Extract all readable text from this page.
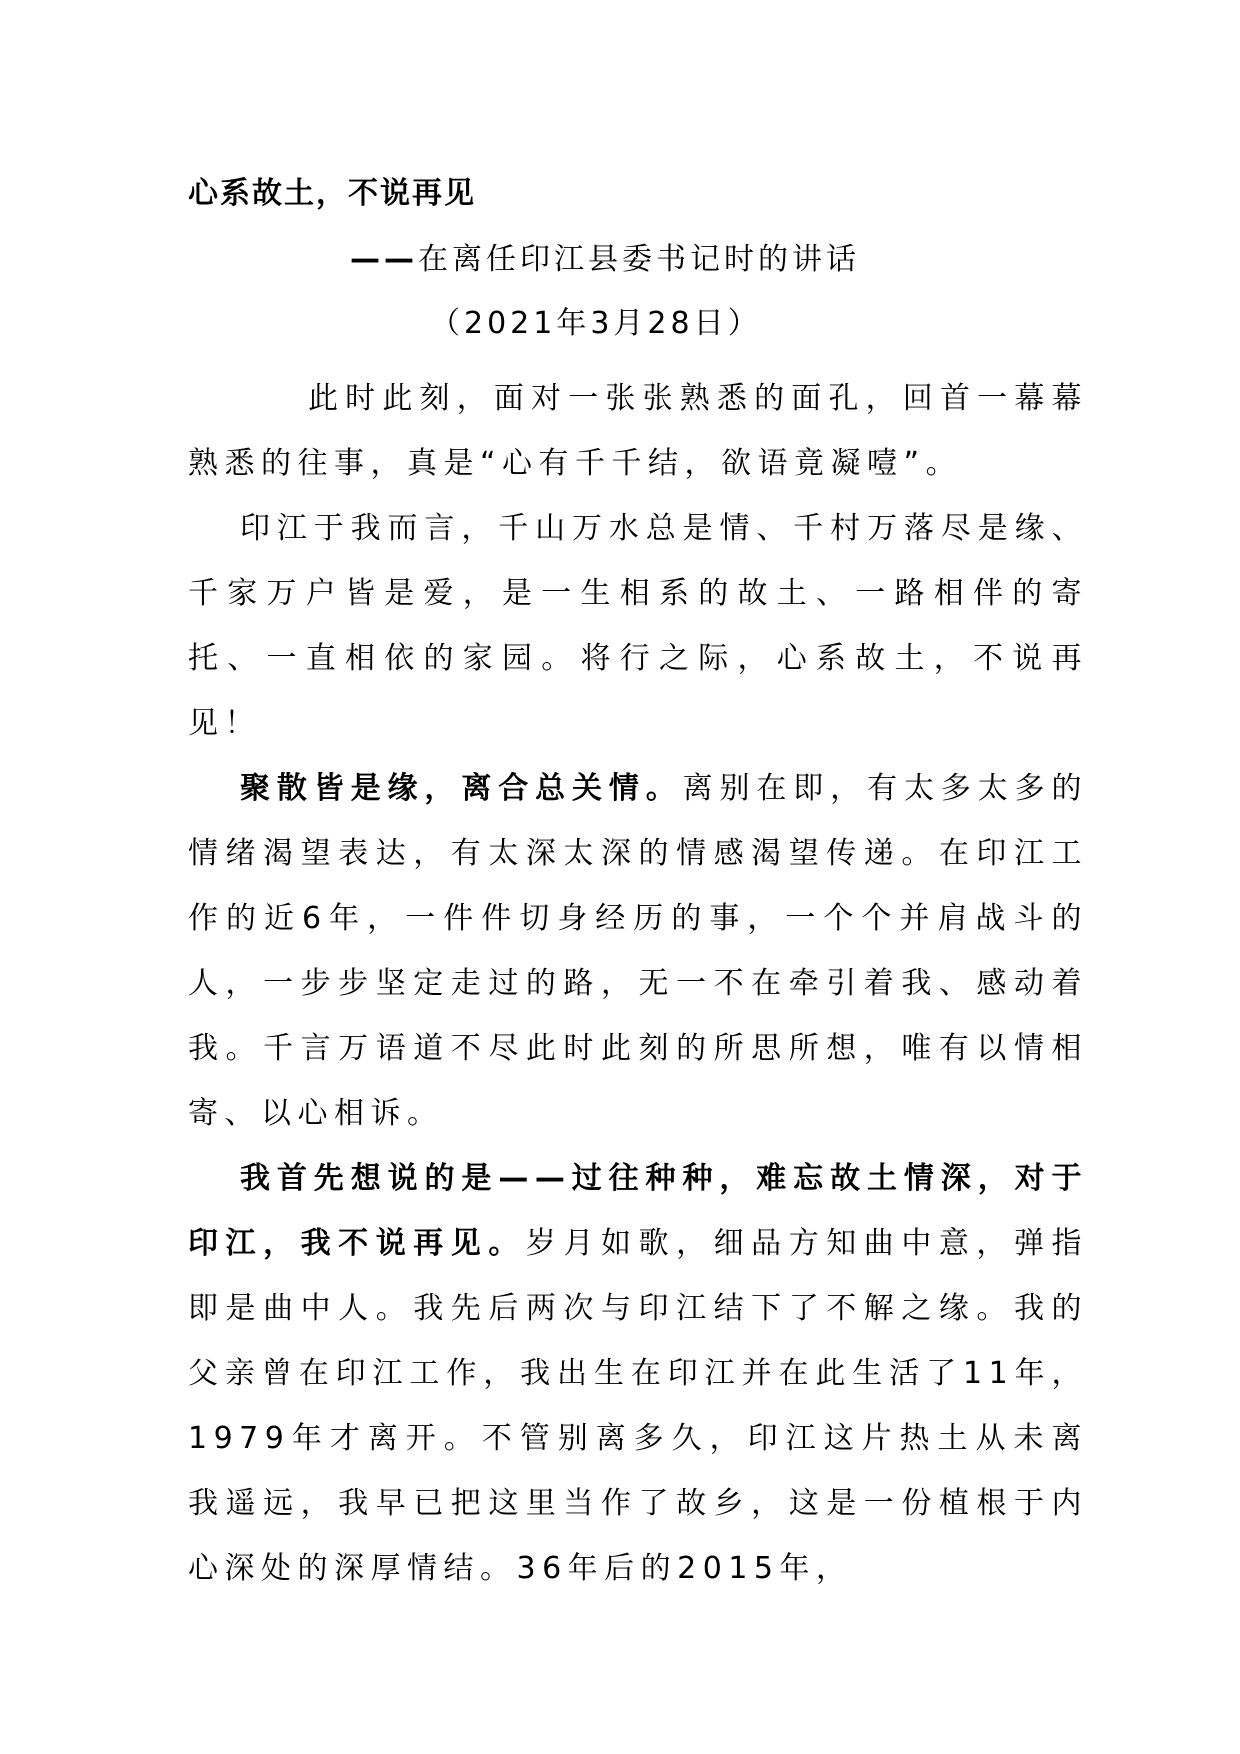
心系故土，不说再见
——在离任印江县委书记时的讲话
（2021年3月28日）

此时此刻，面对一张张熟悉的面孔，回首一幕幕熟悉的往事，真是“心有千千结，欲语竟凝噎”。

印江于我而言，千山万水总是情、千村万落尽是缘、千家万户皆是爱，是一生相系的故土、一路相伴的寄托、一直相依的家园。将行之际，心系故土，不说再见！

聚散皆是缘，离合总关情。离别在即，有太多太多的情绪渴望表达，有太深太深的情感渴望传递。在印江工作的近6年，一件件切身经历的事，一个个并肩战斗的人，一步步坚定走过的路，无一不在牵引着我、感动着我。千言万语道不尽此时此刻的所思所想，唯有以情相寄、以心相诉。

我首先想说的是——过往种种，难忘故土情深，对于印江，我不说再见。岁月如歌，细品方知曲中意，弹指即是曲中人。我先后两次与印江结下了不解之缘。我的父亲曾在印江工作，我出生在印江并在此生活了11年，1979年才离开。不管别离多久，印江这片热土从未离我遥远，我早已把这里当作了故乡，这是一份植根于内心深处的深厚情结。36年后的2015年，
